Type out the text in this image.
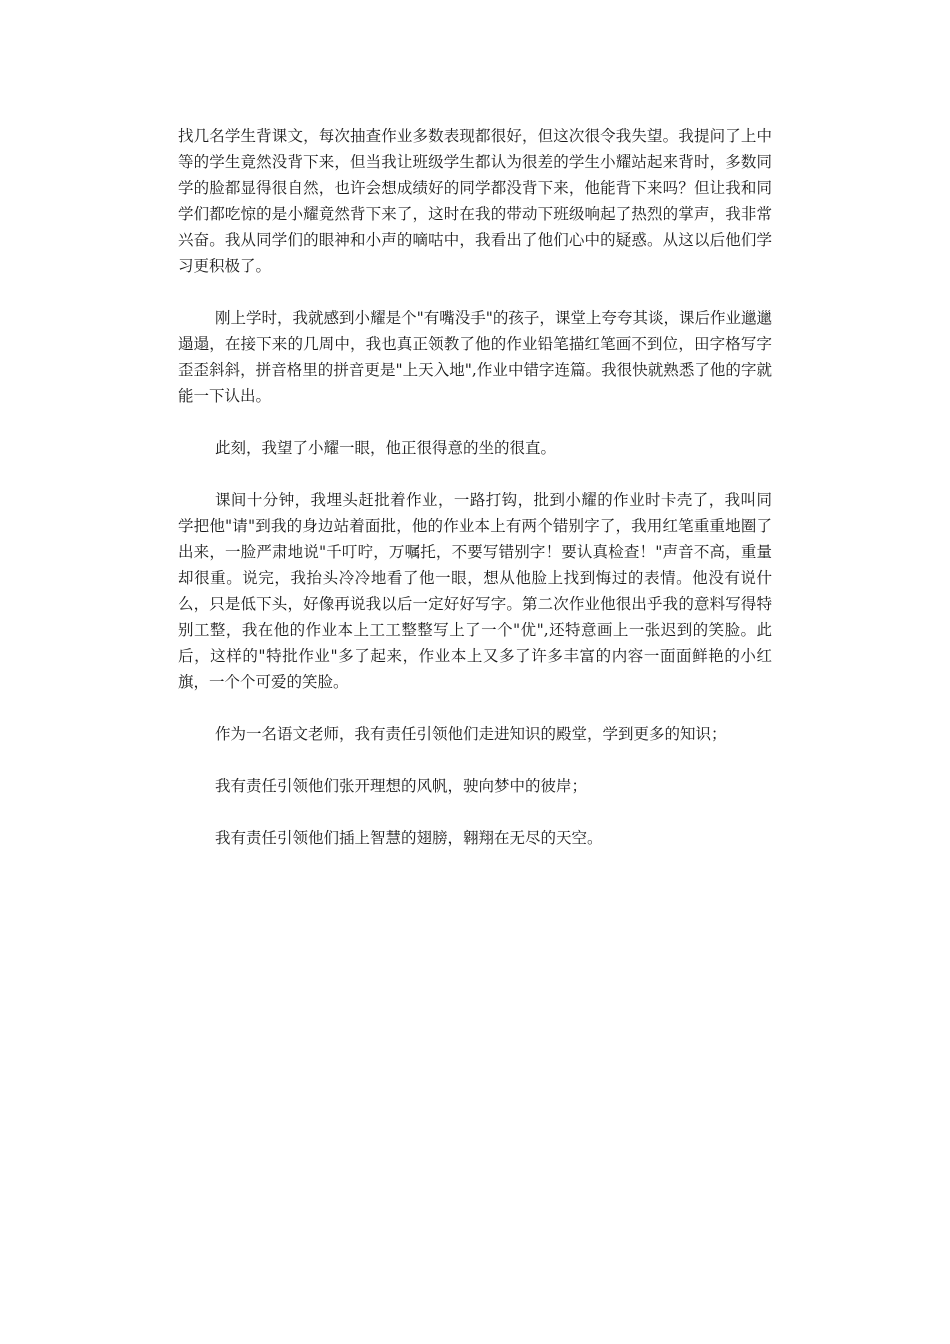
找几名学生背课文，每次抽查作业多数表现都很好，但这次很令我失望。我提问了上中等的学生竟然没背下来，但当我让班级学生都认为很差的学生小耀站起来背时，多数同学的脸都显得很自然，也许会想成绩好的同学都没背下来，他能背下来吗？但让我和同学们都吃惊的是小耀竟然背下来了，这时在我的带动下班级响起了热烈的掌声，我非常兴奋。我从同学们的眼神和小声的嘀咕中，我看出了他们心中的疑惑。从这以后他们学习更积极了。

刚上学时，我就感到小耀是个"有嘴没手"的孩子，课堂上夸夸其谈，课后作业邋邋遢遢，在接下来的几周中，我也真正领教了他的作业铅笔描红笔画不到位，田字格写字歪歪斜斜，拼音格里的拼音更是"上天入地",作业中错字连篇。我很快就熟悉了他的字就能一下认出。

此刻，我望了小耀一眼，他正很得意的坐的很直。

课间十分钟，我埋头赶批着作业，一路打钩，批到小耀的作业时卡壳了，我叫同学把他"请"到我的身边站着面批，他的作业本上有两个错别字了，我用红笔重重地圈了出来，一脸严肃地说"千叮咛，万嘱托，不要写错别字！要认真检查！"声音不高，重量却很重。说完，我抬头冷冷地看了他一眼，想从他脸上找到悔过的表情。他没有说什么，只是低下头，好像再说我以后一定好好写字。第二次作业他很出乎我的意料写得特别工整，我在他的作业本上工工整整写上了一个"优",还特意画上一张迟到的笑脸。此后，这样的"特批作业"多了起来，作业本上又多了许多丰富的内容一面面鲜艳的小红旗，一个个可爱的笑脸。

作为一名语文老师，我有责任引领他们走进知识的殿堂，学到更多的知识；

我有责任引领他们张开理想的风帆，驶向梦中的彼岸；

我有责任引领他们插上智慧的翅膀，翱翔在无尽的天空。
